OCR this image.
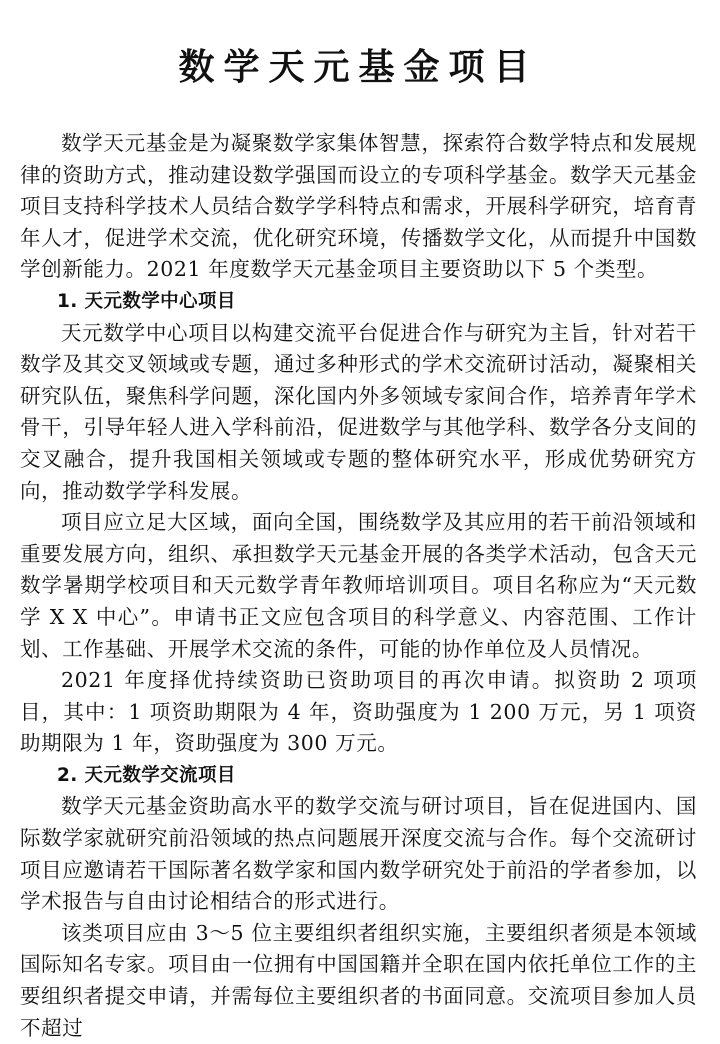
数学天元基金项目

数学天元基金是为凝聚数学家集体智慧，探索符合数学特点和发展规律的资助方式，推动建设数学强国而设立的专项科学基金。数学天元基金项目支持科学技术人员结合数学学科特点和需求，开展科学研究，培育青年人才，促进学术交流，优化研究环境，传播数学文化，从而提升中国数学创新能力。2021 年度数学天元基金项目主要资助以下 5 个类型。

1. 天元数学中心项目

天元数学中心项目以构建交流平台促进合作与研究为主旨，针对若干数学及其交叉领域或专题，通过多种形式的学术交流研讨活动，凝聚相关研究队伍，聚焦科学问题，深化国内外多领域专家间合作，培养青年学术骨干，引导年轻人进入学科前沿，促进数学与其他学科、数学各分支间的交叉融合，提升我国相关领域或专题的整体研究水平，形成优势研究方向，推动数学学科发展。

项目应立足大区域，面向全国，围绕数学及其应用的若干前沿领域和重要发展方向，组织、承担数学天元基金开展的各类学术活动，包含天元数学暑期学校项目和天元数学青年教师培训项目。项目名称应为“天元数学 X X 中心”。申请书正文应包含项目的科学意义、内容范围、工作计划、工作基础、开展学术交流的条件，可能的协作单位及人员情况。

2021 年度择优持续资助已资助项目的再次申请。拟资助 2 项项目，其中：1 项资助期限为 4 年，资助强度为 1 200 万元，另 1 项资助期限为 1 年，资助强度为 300 万元。

2. 天元数学交流项目

数学天元基金资助高水平的数学交流与研讨项目，旨在促进国内、国际数学家就研究前沿领域的热点问题展开深度交流与合作。每个交流研讨项目应邀请若干国际著名数学家和国内数学研究处于前沿的学者参加，以学术报告与自由讨论相结合的形式进行。

该类项目应由 3～5 位主要组织者组织实施，主要组织者须是本领域国际知名专家。项目由一位拥有中国国籍并全职在国内依托单位工作的主要组织者提交申请，并需每位主要组织者的书面同意。交流项目参加人员不超过
